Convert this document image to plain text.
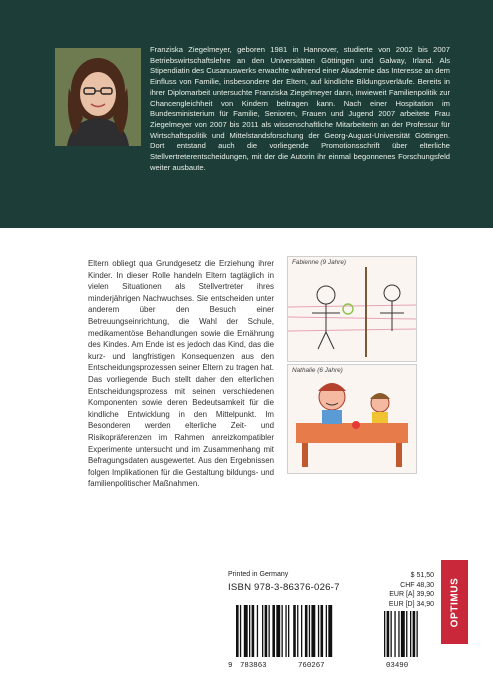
Franziska Ziegelmeyer, geboren 1981 in Hannover, studierte von 2002 bis 2007 Betriebswirtschaftslehre an den Universitäten Göttingen und Galway, Irland. Als Stipendiatin des Cusanuswerks erwachte während einer Akademie das Interesse an dem Einfluss von Familie, insbesondere der Eltern, auf kindliche Bildungsverläufe. Bereits in ihrer Diplomarbeit untersuchte Franziska Ziegelmeyer dann, inwieweit Familienpolitik zur Chancengleichheit von Kindern beitragen kann. Nach einer Hospitation im Bundesministerium für Familie, Senioren, Frauen und Jugend 2007 arbeitete Frau Ziegelmeyer von 2007 bis 2011 als wissenschaftliche Mitarbeiterin an der Professur für Wirtschaftspolitik und Mittelstandsforschung der Georg-August-Universität Göttingen. Dort entstand auch die vorliegende Promotionsschrift über elterliche Stellvertreterentscheidungen, mit der die Autorin ihr einmal begonnenes Forschungsfeld weiter ausbaute.

Eltern obliegt qua Grundgesetz die Erziehung ihrer Kinder. In dieser Rolle handeln Eltern tagtäglich in vielen Situationen als Stellvertreter ihres minderjährigen Nachwuchses. Sie entscheiden unter anderem über den Besuch einer Betreuungseinrichtung, die Wahl der Schule, medikamentöse Behandlungen sowie die Ernährung des Kindes. Am Ende ist es jedoch das Kind, das die kurz- und langfristigen Konsequenzen aus den Entscheidungsprozessen seiner Eltern zu tragen hat. Das vorliegende Buch stellt daher den elterlichen Entscheidungsprozess mit seinen verschiedenen Komponenten sowie deren Bedeutsamkeit für die kindliche Entwicklung in den Mittelpunkt. Im Besonderen werden elterliche Zeit- und Risikopräferenzen im Rahmen anreizkompatibler Experimente untersucht und im Zusammenhang mit Befragungsdaten ausgewertet. Aus den Ergebnissen folgen Implikationen für die Gestaltung bildungs- und familienpolitischer Maßnahmen.

Fabienne (9 Jahre)
Nathalie (6 Jahre)
Printed in Germany
ISBN 978-3-86376-026-7
$ 51,50
CHF 48,30
EUR [A] 39,90
EUR [D] 34,90
9 783863	760267	03490
OPTIMUS
